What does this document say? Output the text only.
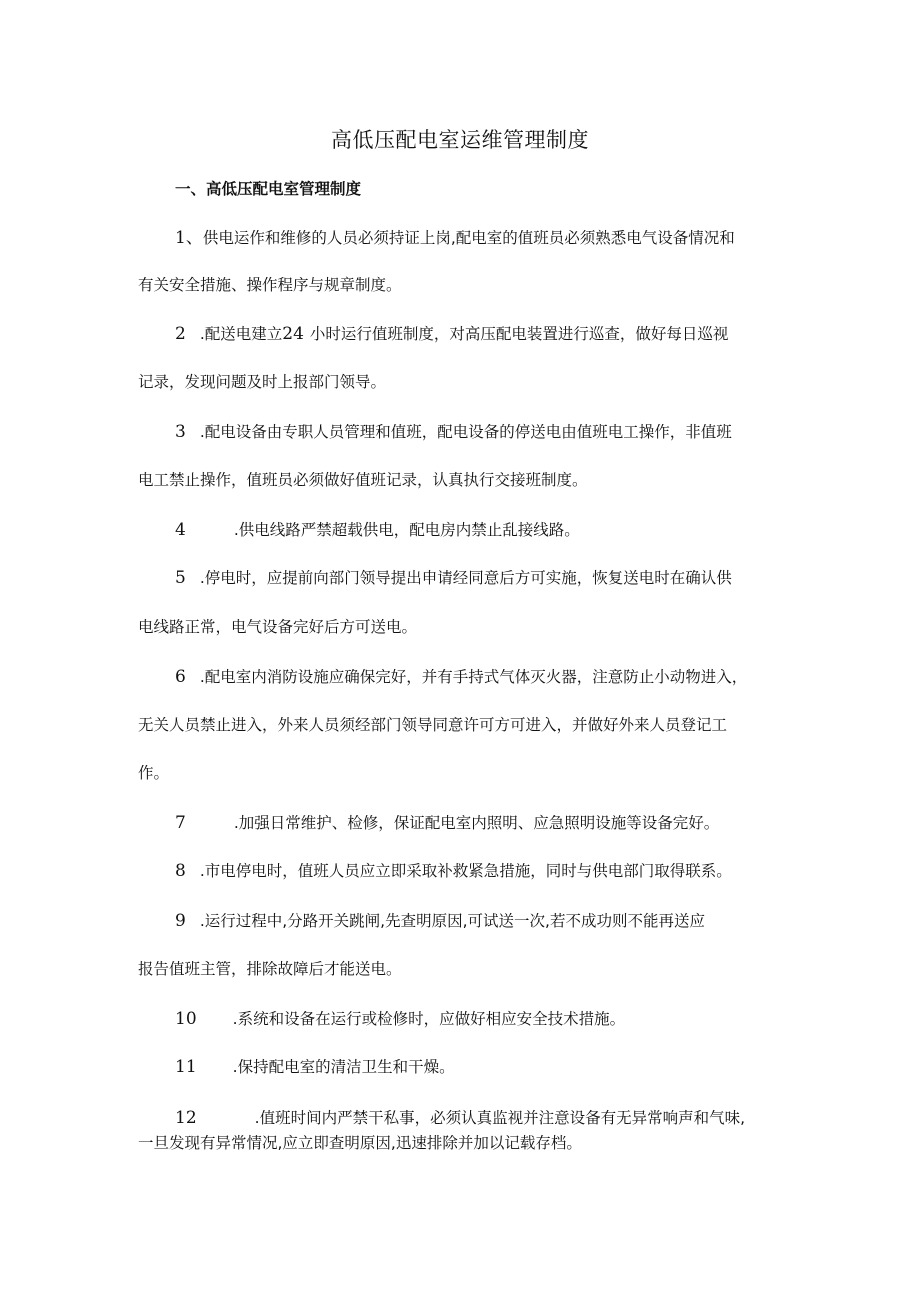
高低压配电室运维管理制度
一、高低压配电室管理制度
1、供电运作和维修的人员必须持证上岗,配电室的值班员必须熟悉电气设备情况和
有关安全措施、操作程序与规章制度。
2 .配送电建立24 小时运行值班制度，对高压配电装置进行巡查，做好每日巡视
记录，发现问题及时上报部门领导。
3 .配电设备由专职人员管理和值班，配电设备的停送电由值班电工操作，非值班
电工禁止操作，值班员必须做好值班记录，认真执行交接班制度。
4	.供电线路严禁超载供电，配电房内禁止乱接线路。
5 .停电时，应提前向部门领导提出申请经同意后方可实施，恢复送电时在确认供
电线路正常，电气设备完好后方可送电。
6 .配电室内消防设施应确保完好，并有手持式气体灭火器，注意防止小动物进入，
无关人员禁止进入，外来人员须经部门领导同意许可方可进入，并做好外来人员登记工
作。
7	.加强日常维护、检修，保证配电室内照明、应急照明设施等设备完好。
8 .市电停电时，值班人员应立即采取补救紧急措施，同时与供电部门取得联系。
9 .运行过程中,分路开关跳闸,先查明原因,可试送一次,若不成功则不能再送应
报告值班主管，排除故障后才能送电。
10 .系统和设备在运行或检修时，应做好相应安全技术措施。
11 .保持配电室的清洁卫生和干燥。
12	.值班时间内严禁干私事，必须认真监视并注意设备有无异常响声和气味,
一旦发现有异常情况,应立即查明原因,迅速排除并加以记载存档。
